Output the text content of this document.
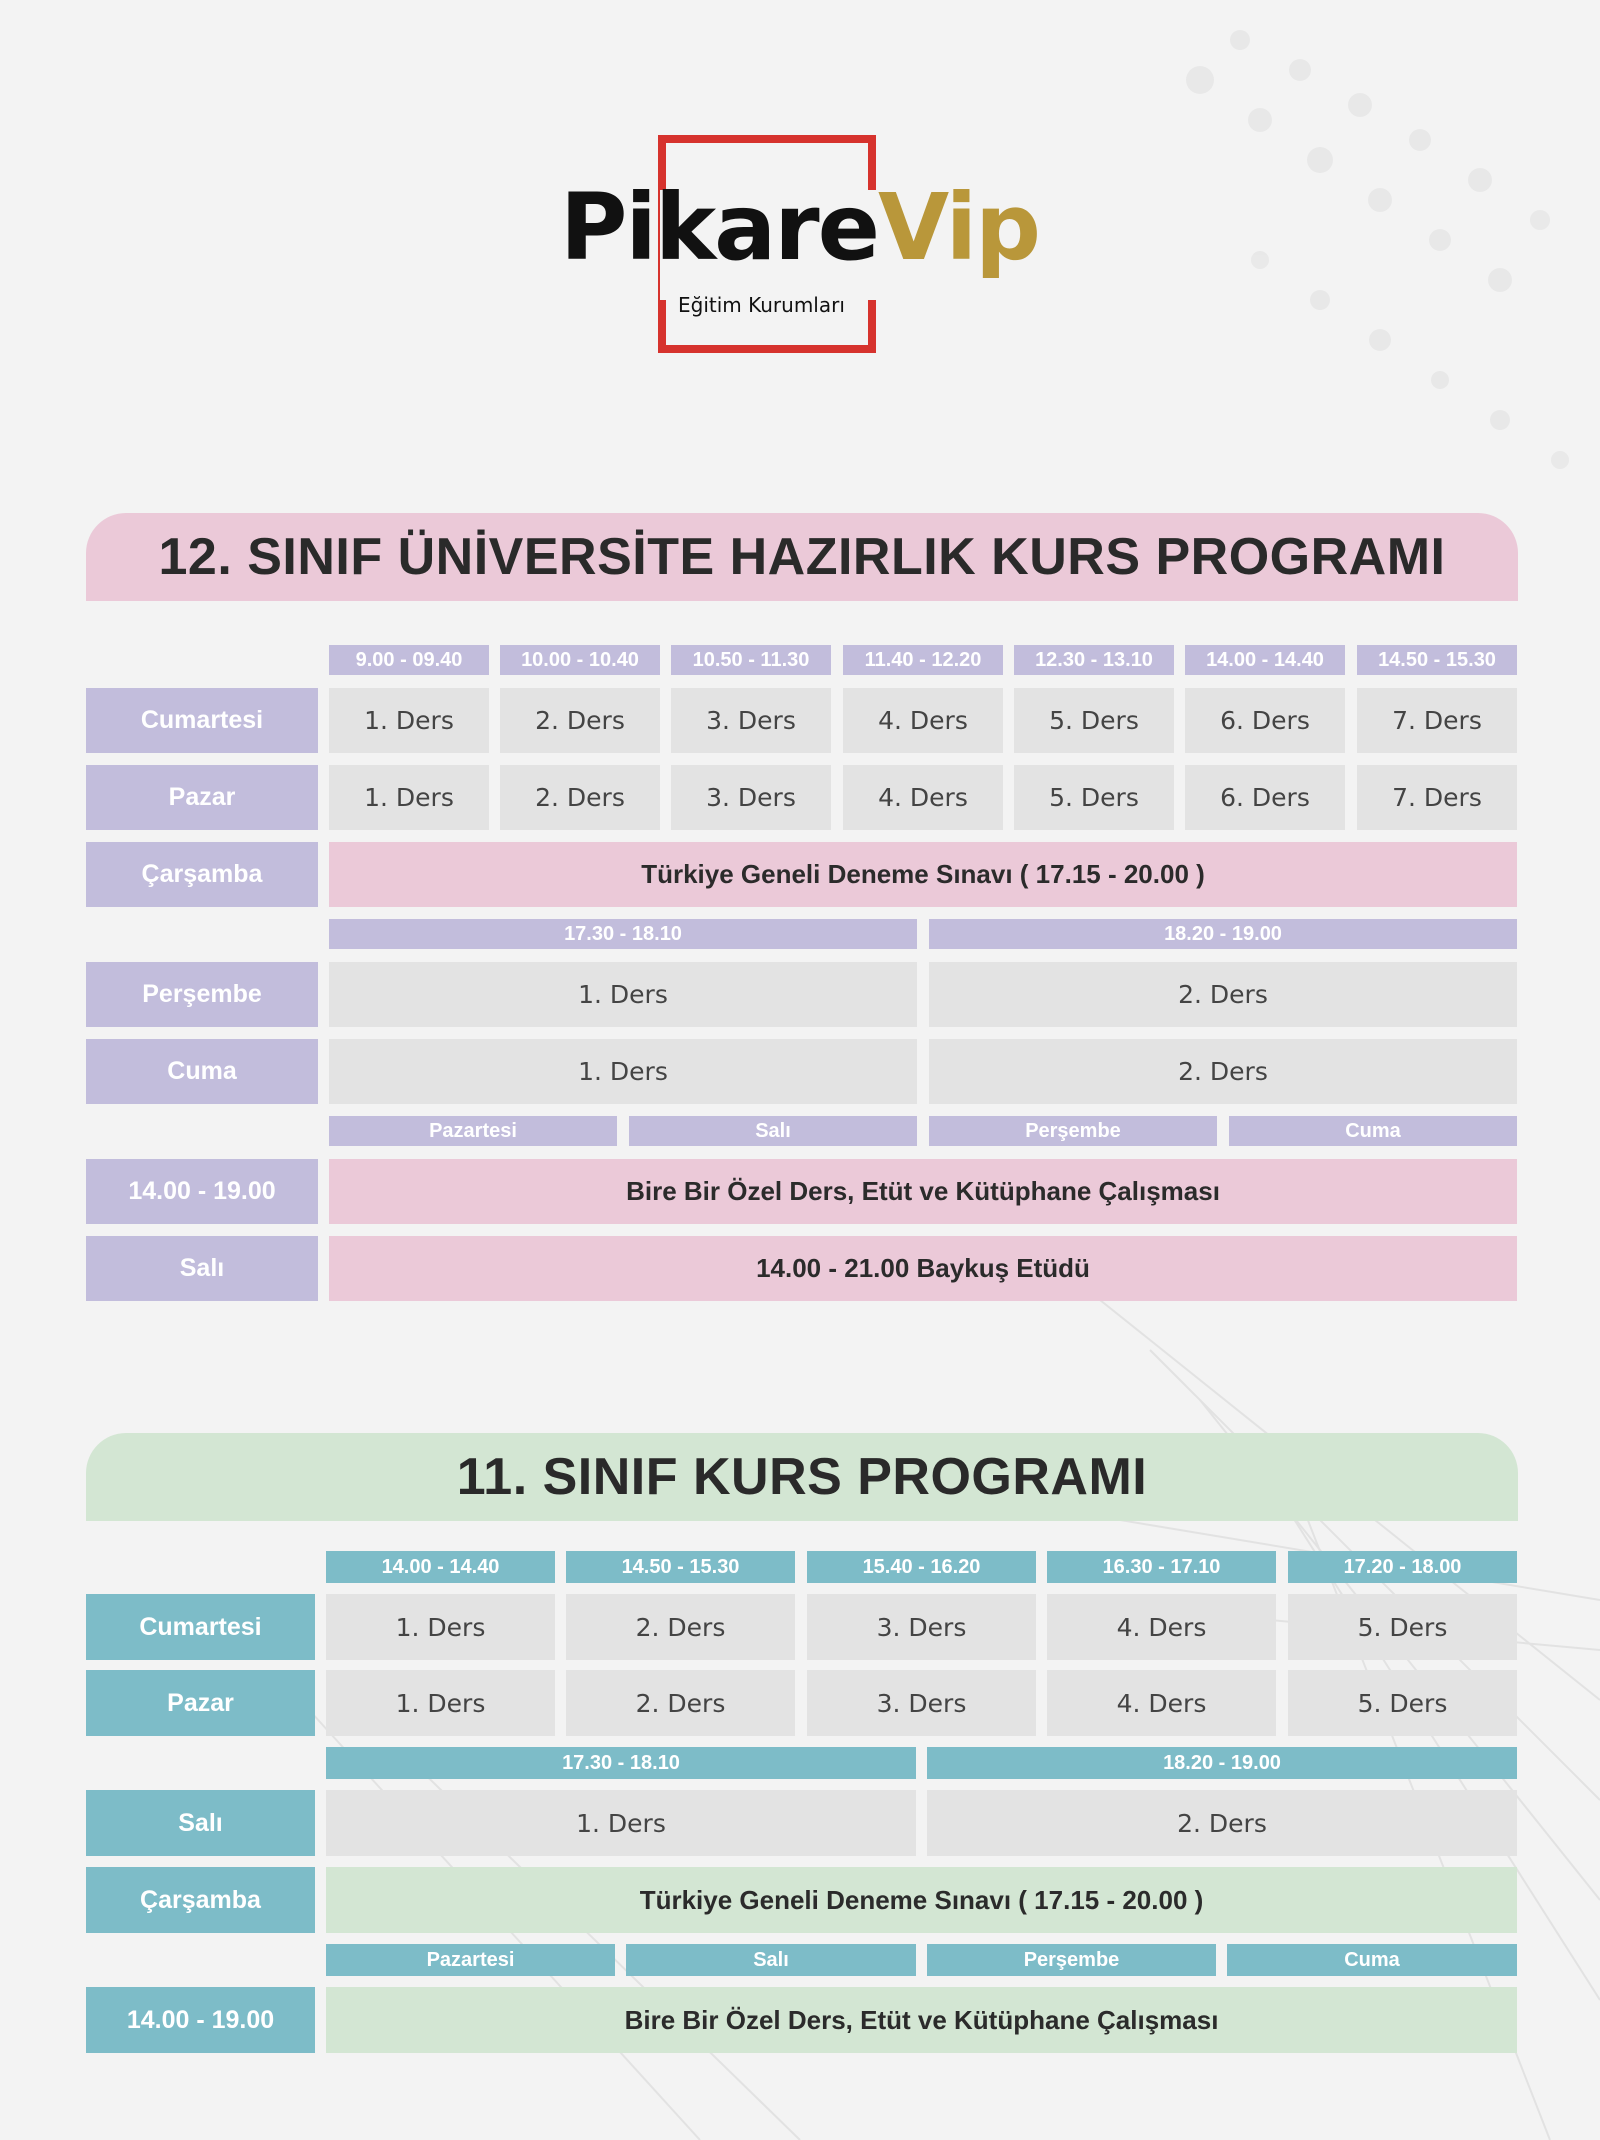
PikareVip
Eğitim Kurumları
12. SINIF ÜNİVERSİTE HAZIRLIK KURS PROGRAMI
9.00 - 09.40	10.00 - 10.40	10.50 - 11.30	11.40 - 12.20	12.30 - 13.10	14.00 - 14.40	14.50 - 15.30
Cumartesi	1. Ders	2. Ders	3. Ders	4. Ders	5. Ders	6. Ders	7. Ders
Pazar	1. Ders	2. Ders	3. Ders	4. Ders	5. Ders	6. Ders	7. Ders
Çarşamba	Türkiye Geneli Deneme Sınavı ( 17.15 - 20.00 )
17.30 - 18.10	18.20 - 19.00
Perşembe	1. Ders	2. Ders
Cuma	1. Ders	2. Ders
Pazartesi	Salı	Perşembe	Cuma
14.00 - 19.00	Bire Bir Özel Ders, Etüt ve Kütüphane Çalışması
Salı	14.00 - 21.00 Baykuş Etüdü
11. SINIF KURS PROGRAMI
14.00 - 14.40	14.50 - 15.30	15.40 - 16.20	16.30 - 17.10	17.20 - 18.00
Cumartesi	1. Ders	2. Ders	3. Ders	4. Ders	5. Ders
Pazar	1. Ders	2. Ders	3. Ders	4. Ders	5. Ders
17.30 - 18.10	18.20 - 19.00
Salı	1. Ders	2. Ders
Çarşamba	Türkiye Geneli Deneme Sınavı ( 17.15 - 20.00 )
Pazartesi	Salı	Perşembe	Cuma
14.00 - 19.00	Bire Bir Özel Ders, Etüt ve Kütüphane Çalışması
